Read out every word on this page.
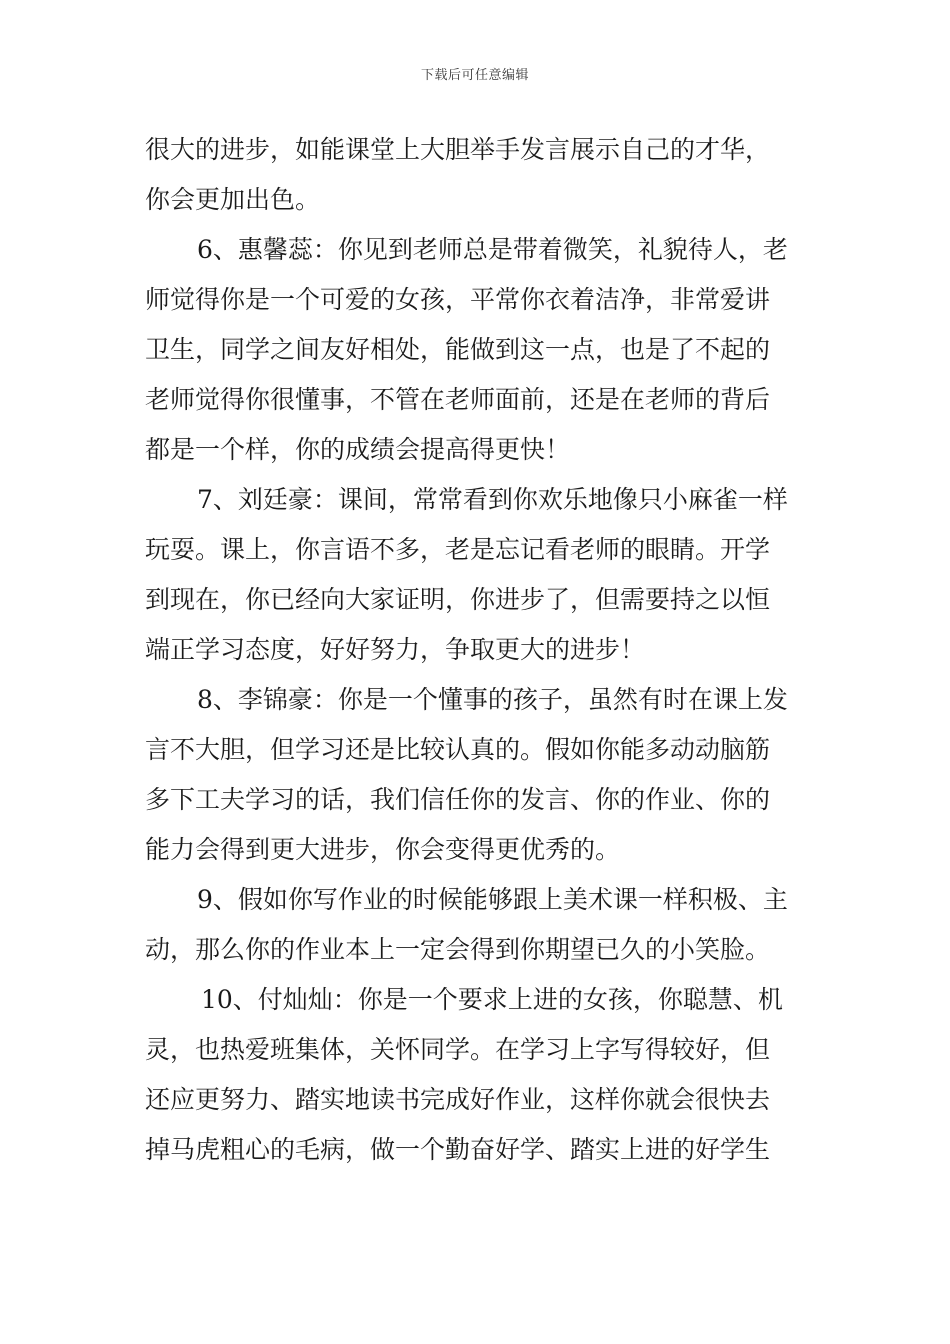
下载后可任意编辑
很大的进步，如能课堂上大胆举手发言展示自己的才华，
你会更加出色。
6、惠馨蕊：你见到老师总是带着微笑，礼貌待人，老
师觉得你是一个可爱的女孩，平常你衣着洁净，非常爱讲
卫生，同学之间友好相处，能做到这一点，也是了不起的
老师觉得你很懂事，不管在老师面前，还是在老师的背后
都是一个样，你的成绩会提高得更快！
7、刘廷豪：课间，常常看到你欢乐地像只小麻雀一样
玩耍。课上，你言语不多，老是忘记看老师的眼睛。开学
到现在，你已经向大家证明，你进步了，但需要持之以恒
端正学习态度，好好努力，争取更大的进步！
8、李锦豪：你是一个懂事的孩子，虽然有时在课上发
言不大胆，但学习还是比较认真的。假如你能多动动脑筋
多下工夫学习的话，我们信任你的发言、你的作业、你的
能力会得到更大进步，你会变得更优秀的。
9、假如你写作业的时候能够跟上美术课一样积极、主
动，那么你的作业本上一定会得到你期望已久的小笑脸。
10、付灿灿：你是一个要求上进的女孩，你聪慧、机
灵，也热爱班集体，关怀同学。在学习上字写得较好，但
还应更努力、踏实地读书完成好作业，这样你就会很快去
掉马虎粗心的毛病，做一个勤奋好学、踏实上进的好学生
